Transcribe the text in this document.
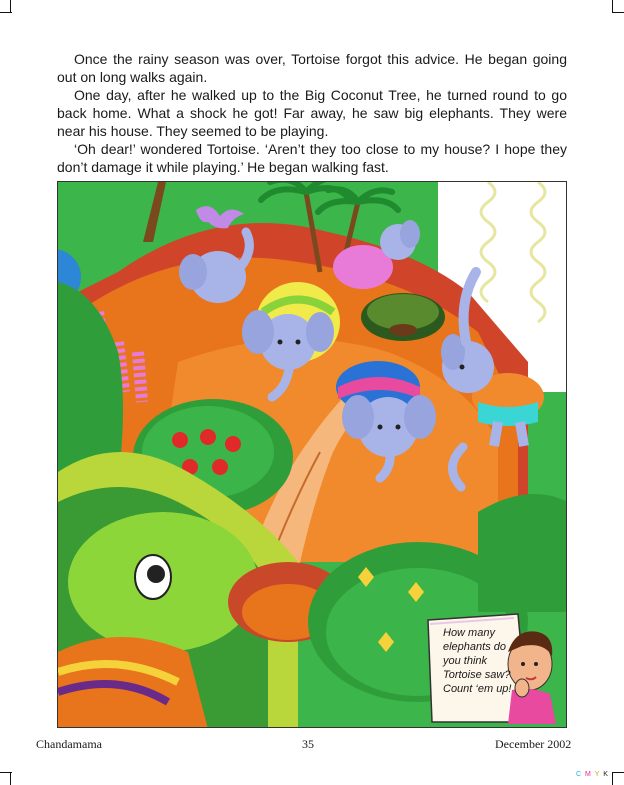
Once the rainy season was over, Tortoise forgot this advice. He began going out on long walks again.

One day, after he walked up to the Big Coconut Tree, he turned round to go back home. What a shock he got! Far away, he saw big elephants. They were near his house. They seemed to be playing.

‘Oh dear!’ wondered Tortoise. ‘Aren’t they too close to my house? I hope they don’t damage it while playing.’ He began walking fast.

How many
elephants do
you think
Tortoise saw?
Count ‘em up!
Chandamama	35	December 2002
C M Y K
